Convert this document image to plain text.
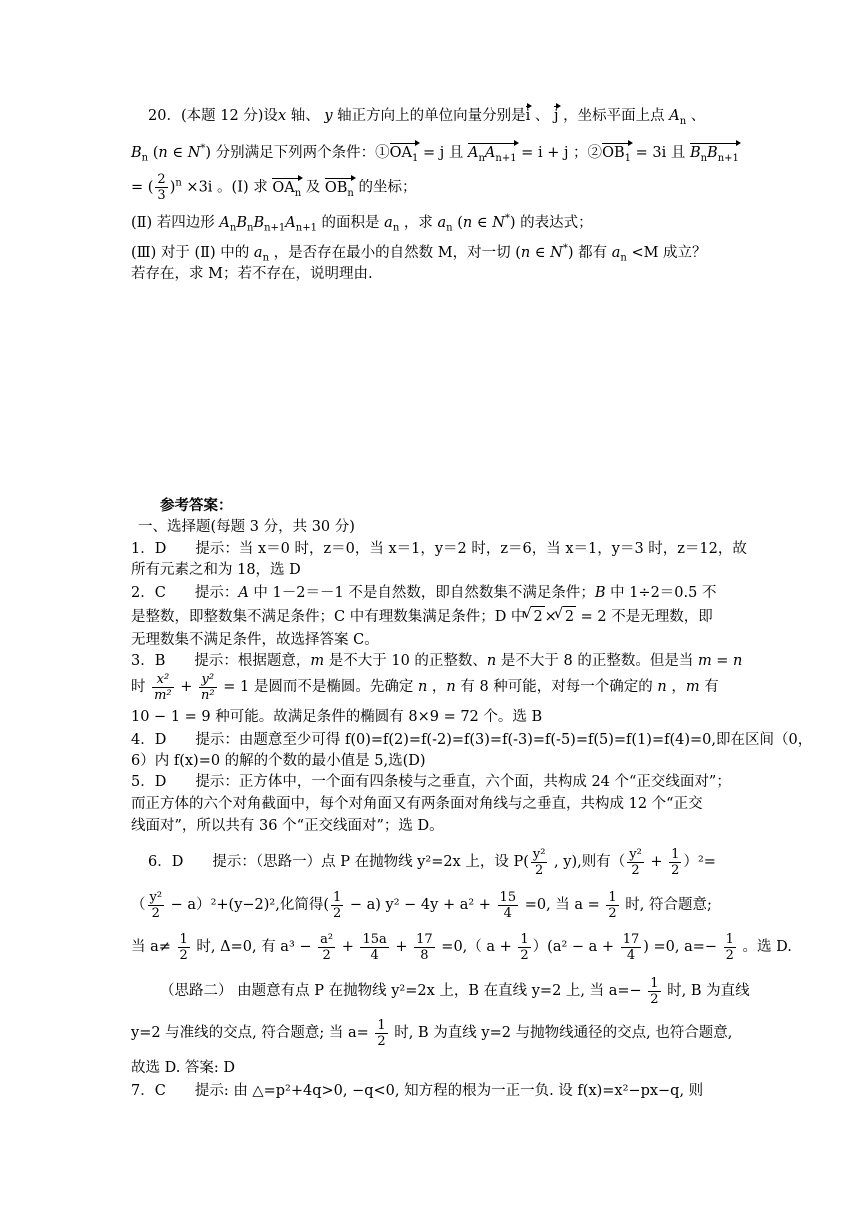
20．(本题 12 分)设x 轴、 y 轴正方向上的单位向量分别是i 、 j ，坐标平面上点 $A_n$ 、
$B_n$ (n ∈ N*) 分别满足下列两个条件：$①OA_1 = j$ 且 $A_nA_{n+1} = i + j$ ；$②OB_1 = 3i$ 且 $B_nB_{n+1}$
= ( $\frac{2}{3} )^n \times 3i$ 。(Ⅰ) 求 $OA_n$ 及 $OB_n$ 的坐标；
(Ⅱ) 若四边形 $A_nB_nB_{n+1}A_{n+1}$ 的面积是 $a_n$ ，求 $a_n$ (n ∈ N*) 的表达式；
(Ⅲ) 对于 (Ⅱ) 中的 $a_n$ ，是否存在最小的自然数 M，对一切 (n ∈ N*) 都有 $a_n <M$ 成立？
若存在，求 M；若不存在，说明理由.
参考答案：
一、选择题(每题 3 分，共 30 分)
1．D　　提示：当 x＝0 时，z＝0，当 x＝1，y＝2 时，z＝6，当 x＝1，y＝3 时，z＝12，故
所有元素之和为 18，选 D
2．C　　提示：A 中 1－2＝－1 不是自然数，即自然数集不满足条件；B 中 1÷2＝0.5 不
是整数，即整数集不满足条件；C 中有理数集满足条件；D 中 √ 2 × √ 2 = 2 不是无理数，即
无理数集不满足条件，故选择答案 C。
3．B　　提示：根据题意，m 是不大于 10 的正整数、n 是不大于 8 的正整数。但是当 m = n
时 $\frac{\text{x²}}{\text{m²}} + \frac{\text{y²}}{\text{n²}} = 1$ 是圆而不是椭圆。先确定 n ，n 有 8 种可能，对每一个确定的 n ，m 有
10 − 1 = 9 种可能。故满足条件的椭圆有 8×9 = 72 个。选 B
4．D　　提示：由题意至少可得 f(0)=f(2)=f(-2)=f(3)=f(-3)=f(-5)=f(5)=f(1)=f(4)=0,即在区间（0，
6）内 f(x)=0 的解的个数的最小值是 5,选(D)
5．D　　提示：正方体中，一个面有四条棱与之垂直，六个面，共构成 24 个“正交线面对”；
而正方体的六个对角截面中，每个对角面又有两条面对角线与之垂直，共构成 12 个“正交
线面对”，所以共有 36 个“正交线面对”；选 D。
6．D　　提示：（思路一）点 P 在抛物线 y²=2x 上，设 $P( \frac{\text{y²}}{2}$ , y),则有（ $\frac{\text{y²}}{2} + \frac{1}{2} )^2=$
（ $\frac{\text{y²}}{2} - a)^2+(y-2)^2$,化简得( $\frac{1}{2} - a$) $y^2 - 4y + a^2 + \frac{15}{4} =0$, 当 $a = \frac{1}{2}$ 时, 符合题意;
当 $a\ne \frac{1}{2}$ 时, Δ=0, 有 $a^3 - \frac{\text{a²}}{2} + \frac{15a}{4} + \frac{17}{8} =0$,（ $a + \frac{1}{2} )(a^2 - a + \frac{17}{4}$ ) =0, $a=- \frac{1}{2}$ 。选 D.
（思路二） 由题意有点 P 在抛物线 y²=2x 上，B 在直线 y=2 上, 当 $a=- \frac{1}{2}$ 时, B 为直线
y=2 与准线的交点, 符合题意; 当 $a= \frac{1}{2}$ 时, B 为直线 y=2 与抛物线通径的交点, 也符合题意,
故选 D. 答案: D
7．C　　提示: 由 △=p²+4q>0, −q<0, 知方程的根为一正一负. 设 f(x)=x²−px−q, 则
